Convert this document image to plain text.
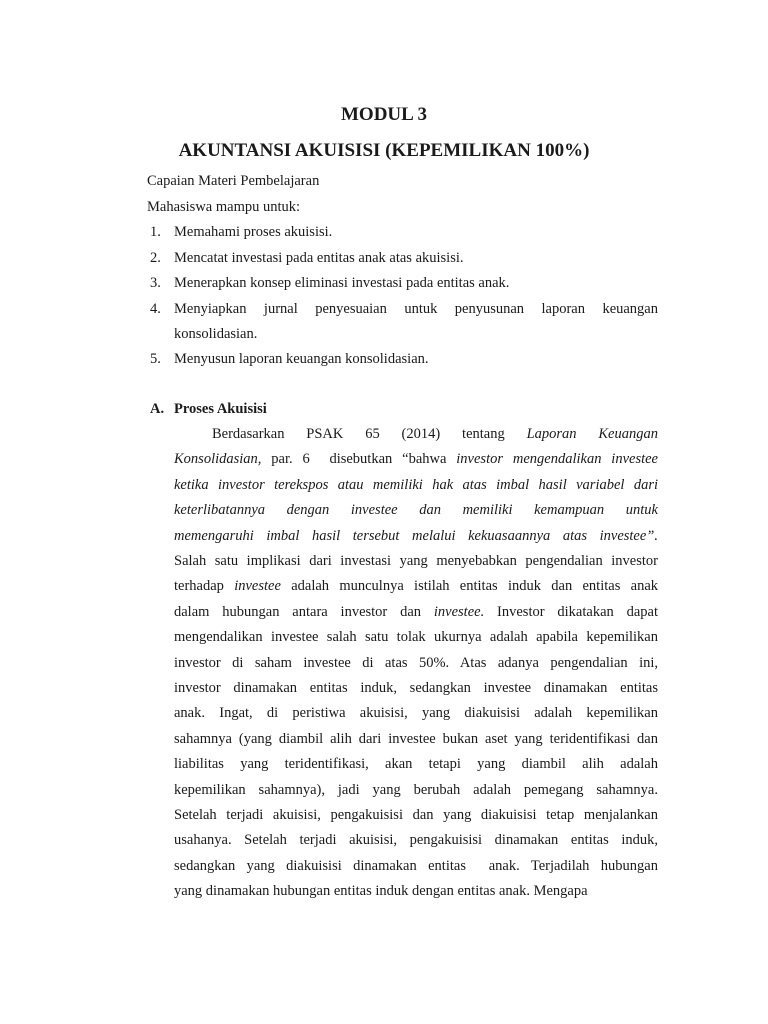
MODUL 3
AKUNTANSI AKUISISI (KEPEMILIKAN 100%)
Capaian Materi Pembelajaran
Mahasiswa mampu untuk:
1. Memahami proses akuisisi.
2. Mencatat investasi pada entitas anak atas akuisisi.
3. Menerapkan konsep eliminasi investasi pada entitas anak.
4. Menyiapkan jurnal penyesuaian untuk penyusunan laporan keuangan
konsolidasian.
5. Menyusun laporan keuangan konsolidasian.
A. Proses Akuisisi
Berdasarkan PSAK 65 (2014) tentang Laporan Keuangan
Konsolidasian, par. 6  disebutkan “bahwa investor mengendalikan investee
ketika investor terekspos atau memiliki hak atas imbal hasil variabel dari
keterlibatannya dengan investee dan memiliki kemampuan untuk
memengaruhi imbal hasil tersebut melalui kekuasaannya atas investee”.
Salah satu implikasi dari investasi yang menyebabkan pengendalian investor
terhadap investee adalah munculnya istilah entitas induk dan entitas anak
dalam hubungan antara investor dan investee. Investor dikatakan dapat
mengendalikan investee salah satu tolak ukurnya adalah apabila kepemilikan
investor di saham investee di atas 50%. Atas adanya pengendalian ini,
investor dinamakan entitas induk, sedangkan investee dinamakan entitas
anak. Ingat, di peristiwa akuisisi, yang diakuisisi adalah kepemilikan
sahamnya (yang diambil alih dari investee bukan aset yang teridentifikasi dan
liabilitas yang teridentifikasi, akan tetapi yang diambil alih adalah
kepemilikan sahamnya), jadi yang berubah adalah pemegang sahamnya.
Setelah terjadi akuisisi, pengakuisisi dan yang diakuisisi tetap menjalankan
usahanya. Setelah terjadi akuisisi, pengakuisisi dinamakan entitas induk,
sedangkan yang diakuisisi dinamakan entitas  anak. Terjadilah hubungan
yang dinamakan hubungan entitas induk dengan entitas anak. Mengapa
